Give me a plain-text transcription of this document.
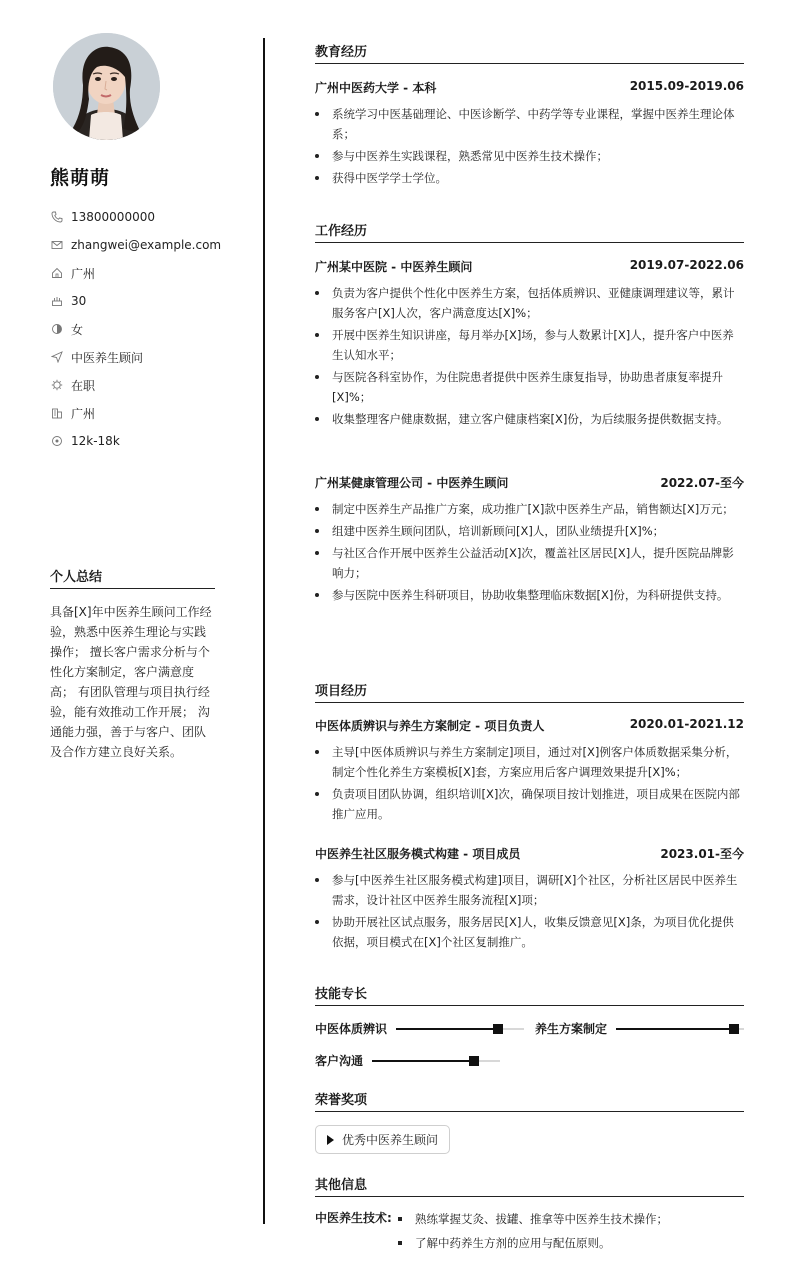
熊萌萌
13800000000
zhangwei@example.com
广州
30
女
中医养生顾问
在职
广州
12k-18k
个人总结
具备[X]年中医养生顾问工作经验，熟悉中医养生理论与实践操作； 擅长客户需求分析与个性化方案制定，客户满意度高； 有团队管理与项目执行经验，能有效推动工作开展； 沟通能力强，善于与客户、团队及合作方建立良好关系。
教育经历
广州中医药大学 - 本科	2015.09-2019.06
系统学习中医基础理论、中医诊断学、中药学等专业课程，掌握中医养生理论体系；
参与中医养生实践课程，熟悉常见中医养生技术操作；
获得中医学学士学位。
工作经历
广州某中医院 - 中医养生顾问	2019.07-2022.06
负责为客户提供个性化中医养生方案，包括体质辨识、亚健康调理建议等，累计服务客户[X]人次，客户满意度达[X]%；
开展中医养生知识讲座，每月举办[X]场，参与人数累计[X]人，提升客户中医养生认知水平；
与医院各科室协作，为住院患者提供中医养生康复指导，协助患者康复率提升[X]%；
收集整理客户健康数据，建立客户健康档案[X]份，为后续服务提供数据支持。
广州某健康管理公司 - 中医养生顾问	2022.07-至今
制定中医养生产品推广方案，成功推广[X]款中医养生产品，销售额达[X]万元；
组建中医养生顾问团队，培训新顾问[X]人，团队业绩提升[X]%；
与社区合作开展中医养生公益活动[X]次，覆盖社区居民[X]人，提升医院品牌影响力；
参与医院中医养生科研项目，协助收集整理临床数据[X]份，为科研提供支持。
项目经历
中医体质辨识与养生方案制定 - 项目负责人	2020.01-2021.12
主导[中医体质辨识与养生方案制定]项目，通过对[X]例客户体质数据采集分析，制定个性化养生方案模板[X]套，方案应用后客户调理效果提升[X]%；
负责项目团队协调，组织培训[X]次，确保项目按计划推进，项目成果在医院内部推广应用。
中医养生社区服务模式构建 - 项目成员	2023.01-至今
参与[中医养生社区服务模式构建]项目，调研[X]个社区，分析社区居民中医养生需求，设计社区中医养生服务流程[X]项；
协助开展社区试点服务，服务居民[X]人，收集反馈意见[X]条，为项目优化提供依据，项目模式在[X]个社区复制推广。
技能专长
中医体质辨识	养生方案制定
客户沟通
荣誉奖项
优秀中医养生顾问
其他信息
中医养生技术:	熟练掌握艾灸、拔罐、推拿等中医养生技术操作；
了解中药养生方剂的应用与配伍原则。
